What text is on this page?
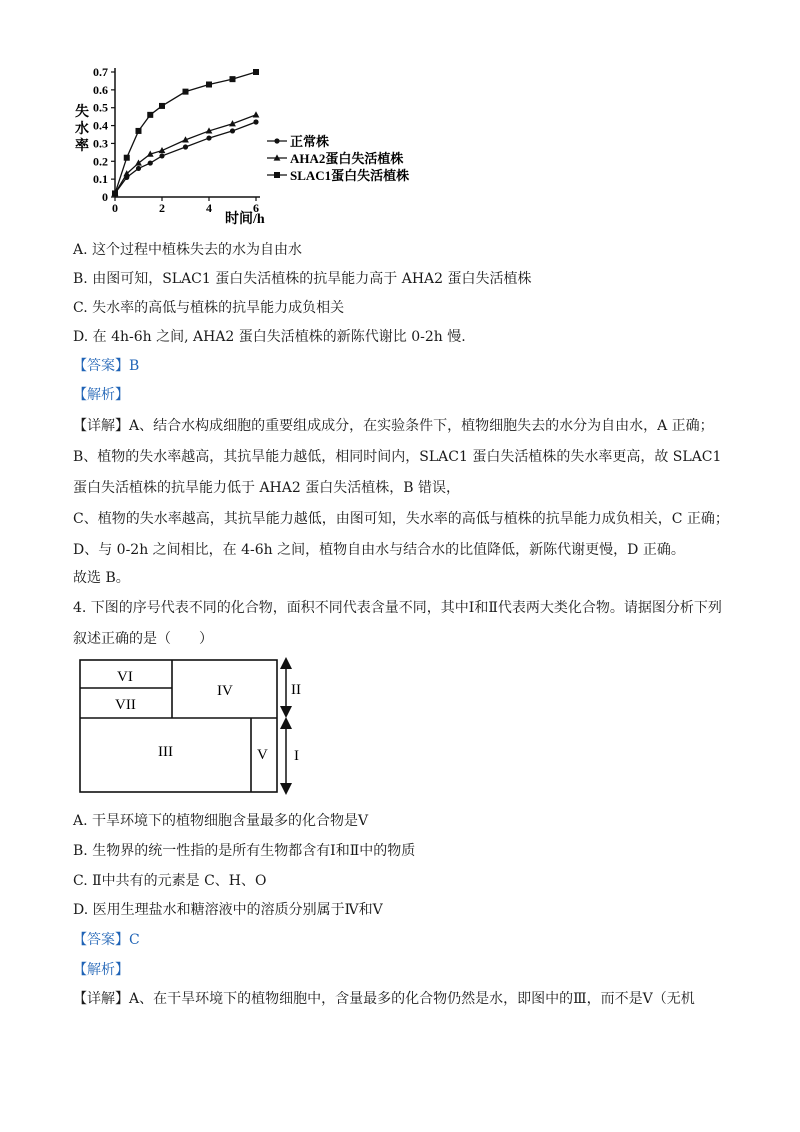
0
0.1
0.2
0.3
0.4
0.5
0.6
0.7
0	2	4	6
正常株
AHA2蛋白失活植株
SLAC1蛋白失活植株
失水率
时间/h
A. 这个过程中植株失去的水为自由水
B. 由图可知，SLAC1 蛋白失活植株的抗旱能力高于 AHA2 蛋白失活植株
C. 失水率的高低与植株的抗旱能力成负相关
D. 在 4h-6h 之间, AHA2 蛋白失活植株的新陈代谢比 0-2h 慢.
【答案】B
【解析】
【详解】A、结合水构成细胞的重要组成成分，在实验条件下，植物细胞失去的水分为自由水，A 正确；
B、植物的失水率越高，其抗旱能力越低，相同时间内，SLAC1 蛋白失活植株的失水率更高，故 SLAC1
蛋白失活植株的抗旱能力低于 AHA2 蛋白失活植株，B 错误，
C、植物的失水率越高，其抗旱能力越低，由图可知，失水率的高低与植株的抗旱能力成负相关，C 正确；
D、与 0-2h 之间相比，在 4-6h 之间，植物自由水与结合水的比值降低，新陈代谢更慢，D 正确。
故选 B。
4. 下图的序号代表不同的化合物，面积不同代表含量不同，其中Ⅰ和Ⅱ代表两大类化合物。请据图分析下列
叙述正确的是（　　）
VI
VII
IV
III	V
II
I
A. 干旱环境下的植物细胞含量最多的化合物是Ⅴ
B. 生物界的统一性指的是所有生物都含有Ⅰ和Ⅱ中的物质
C. Ⅱ中共有的元素是 C、H、O
D. 医用生理盐水和糖溶液中的溶质分别属于Ⅳ和Ⅴ
【答案】C
【解析】
【详解】A、在干旱环境下的植物细胞中，含量最多的化合物仍然是水，即图中的Ⅲ，而不是Ⅴ（无机
